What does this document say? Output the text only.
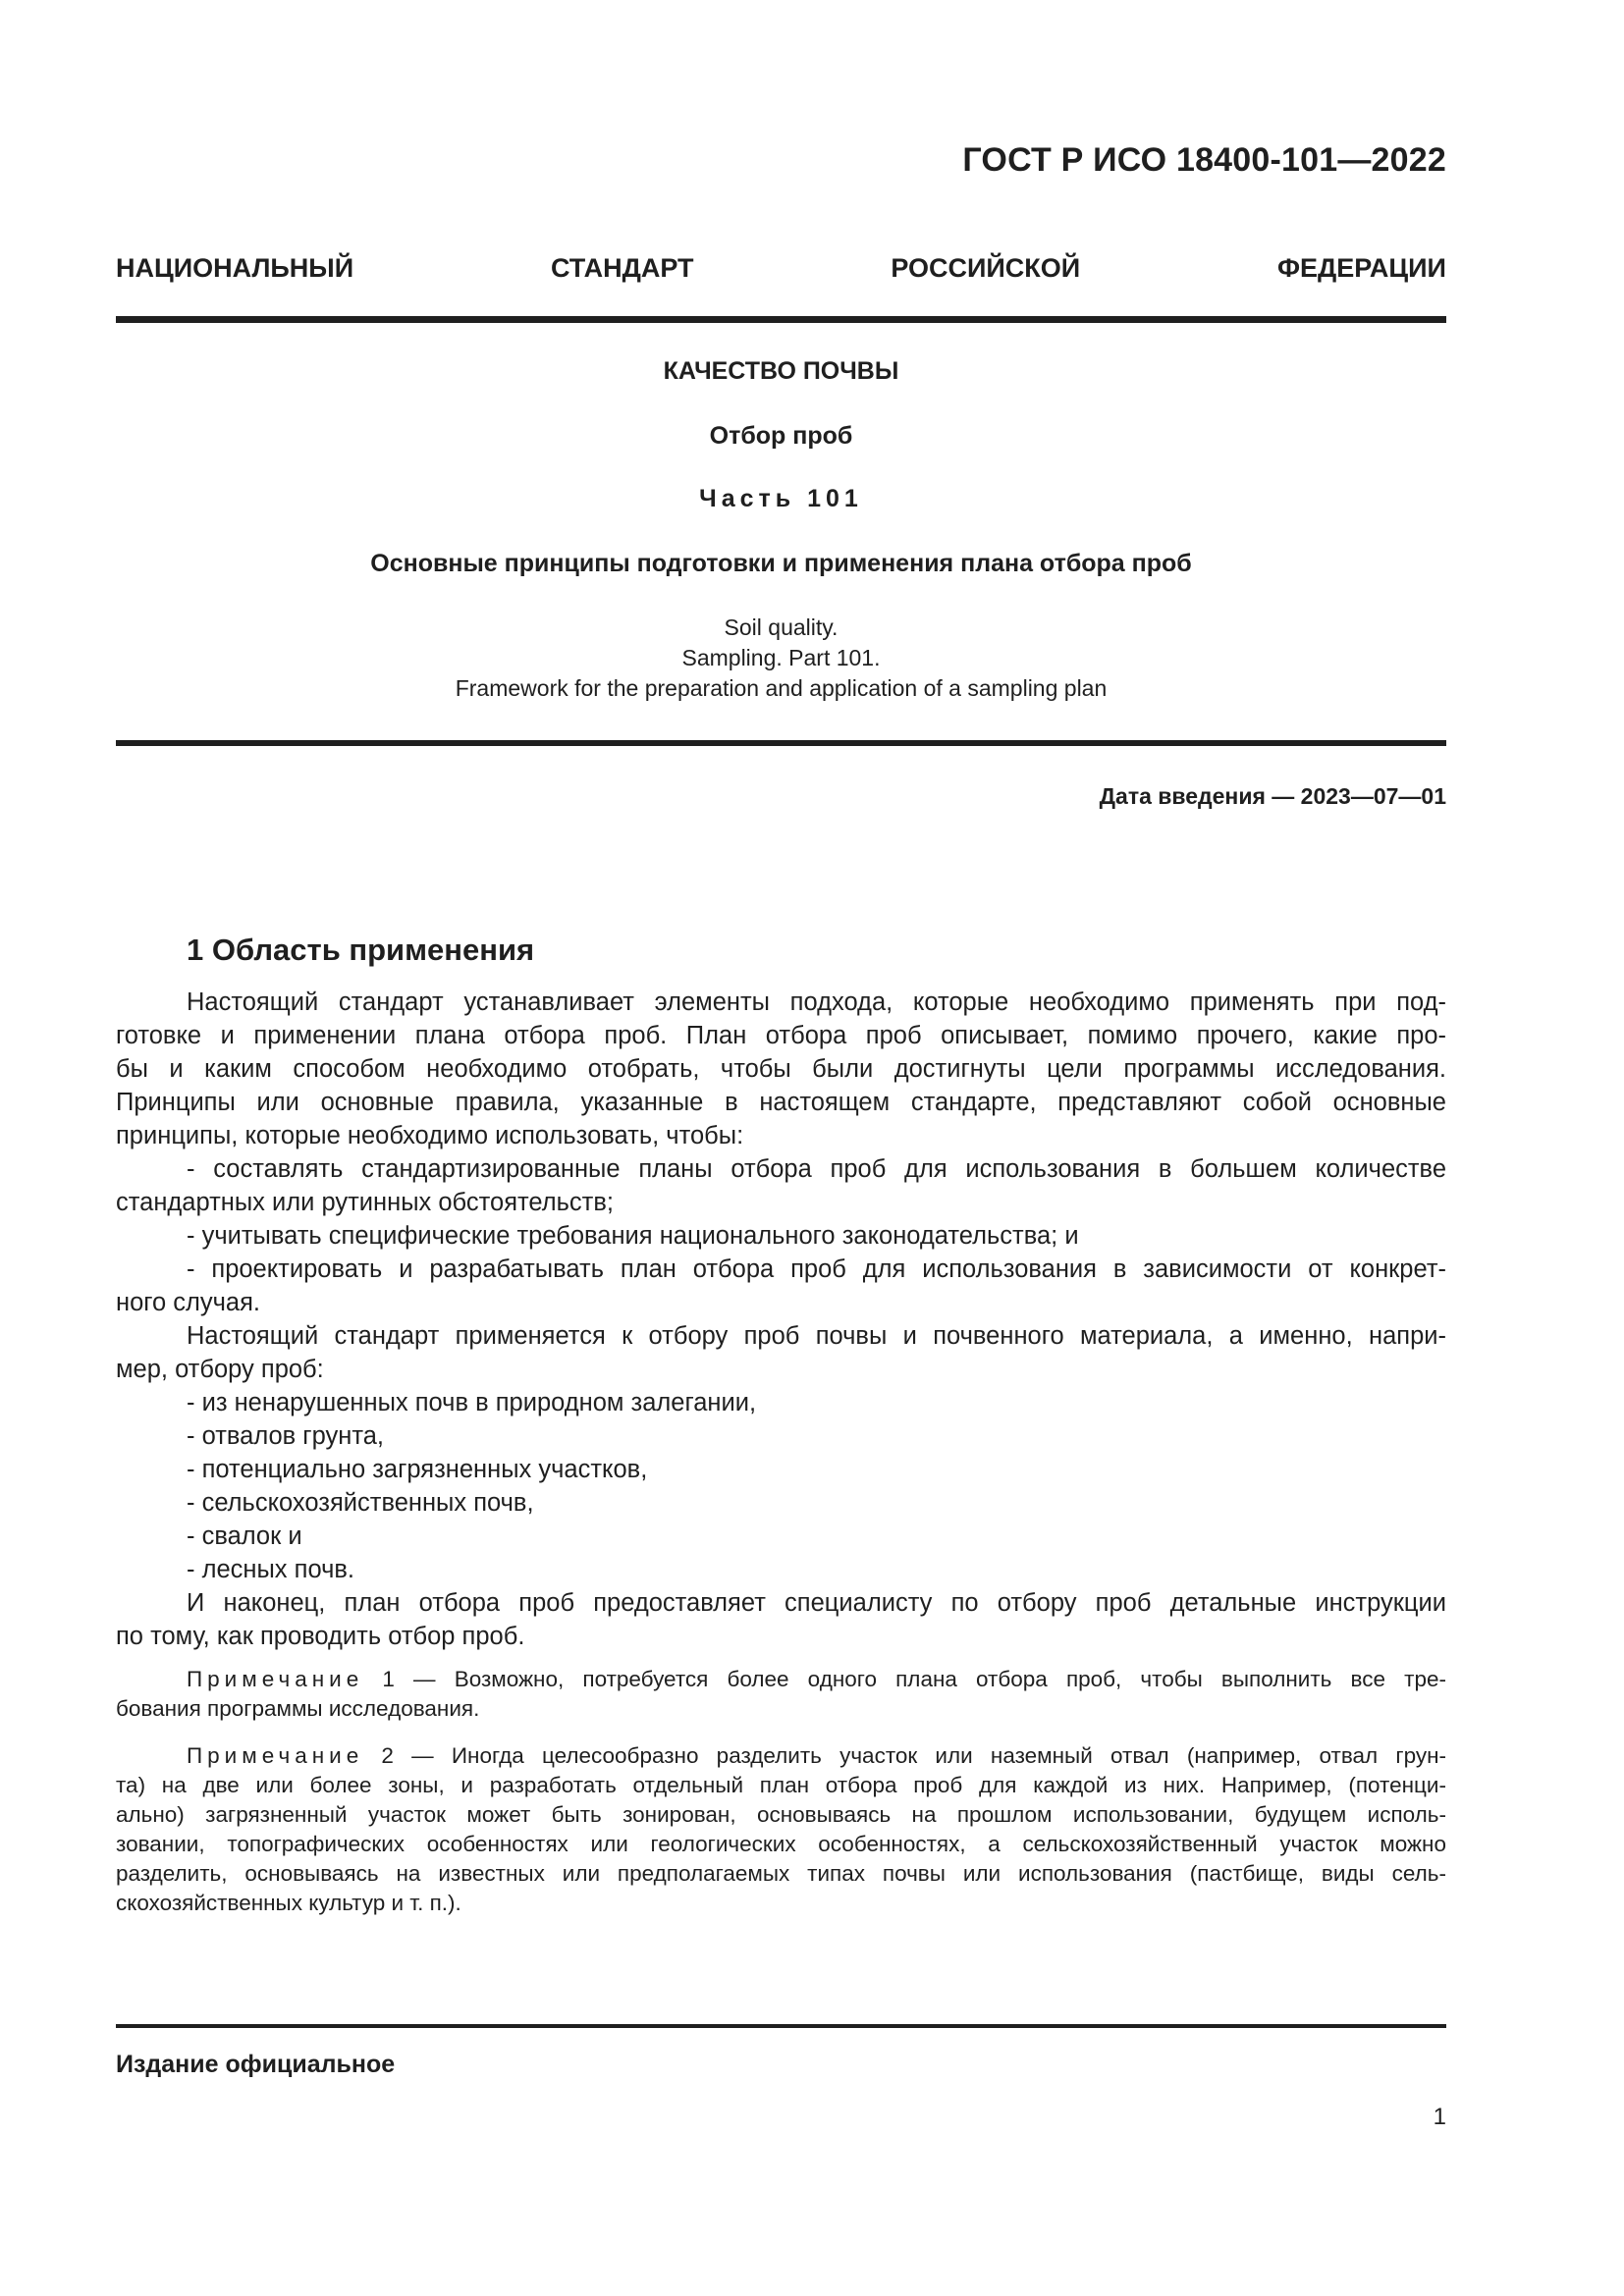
ГОСТ Р ИСО 18400-101—2022
НАЦИОНАЛЬНЫЙ	СТАНДАРТ	РОССИЙСКОЙ	ФЕДЕРАЦИИ
КАЧЕСТВО ПОЧВЫ
Отбор проб
Часть 101
Основные принципы подготовки и применения плана отбора проб
Soil quality.
Sampling. Part 101.
Framework for the preparation and application of a sampling plan
Дата введения — 2023—07—01
1 Область применения
Настоящий стандарт устанавливает элементы подхода, которые необходимо применять при под-
готовке и применении плана отбора проб. План отбора проб описывает, помимо прочего, какие про-
бы и каким способом необходимо отобрать, чтобы были достигнуты цели программы исследования.
Принципы или основные правила, указанные в настоящем стандарте, представляют собой основные
принципы, которые необходимо использовать, чтобы:
- составлять стандартизированные планы отбора проб для использования в большем количестве
стандартных или рутинных обстоятельств;
- учитывать специфические требования национального законодательства; и
- проектировать и разрабатывать план отбора проб для использования в зависимости от конкрет-
ного случая.
Настоящий стандарт применяется к отбору проб почвы и почвенного материала, а именно, напри-
мер, отбору проб:
- из ненарушенных почв в природном залегании,
- отвалов грунта,
- потенциально загрязненных участков,
- сельскохозяйственных почв,
- свалок и
- лесных почв.
И наконец, план отбора проб предоставляет специалисту по отбору проб детальные инструкции
по тому, как проводить отбор проб.
Примечание 1 — Возможно, потребуется более одного плана отбора проб, чтобы выполнить все тре-
бования программы исследования.
Примечание 2 — Иногда целесообразно разделить участок или наземный отвал (например, отвал грун-
та) на две или более зоны, и разработать отдельный план отбора проб для каждой из них. Например, (потенци-
ально) загрязненный участок может быть зонирован, основываясь на прошлом использовании, будущем исполь-
зовании, топографических особенностях или геологических особенностях, а сельскохозяйственный участок можно
разделить, основываясь на известных или предполагаемых типах почвы или использования (пастбище, виды сель-
скохозяйственных культур и т. п.).
Издание официальное
1
